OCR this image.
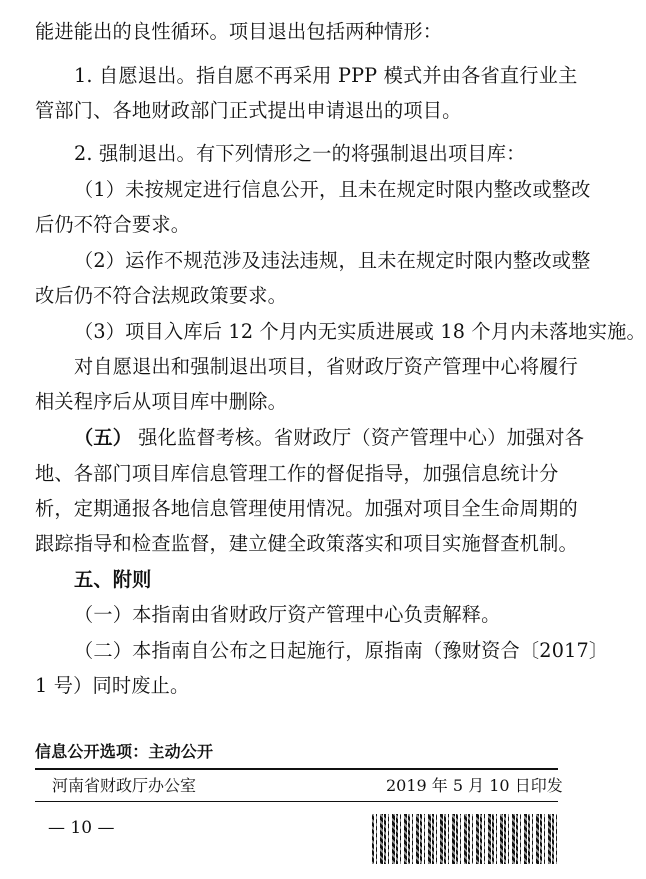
能进能出的良性循环。项目退出包括两种情形：
1. 自愿退出。指自愿不再采用 PPP 模式并由各省直行业主
管部门、各地财政部门正式提出申请退出的项目。
2. 强制退出。有下列情形之一的将强制退出项目库：
（1）未按规定进行信息公开，且未在规定时限内整改或整改
后仍不符合要求。
（2）运作不规范涉及违法违规，且未在规定时限内整改或整
改后仍不符合法规政策要求。
（3）项目入库后 12 个月内无实质进展或 18 个月内未落地实施。
对自愿退出和强制退出项目，省财政厅资产管理中心将履行
相关程序后从项目库中删除。
（五） 强化监督考核。省财政厅（资产管理中心）加强对各
地、各部门项目库信息管理工作的督促指导，加强信息统计分
析，定期通报各地信息管理使用情况。加强对项目全生命周期的
跟踪指导和检查监督，建立健全政策落实和项目实施督查机制。
五、附则
（一）本指南由省财政厅资产管理中心负责解释。
（二）本指南自公布之日起施行，原指南（豫财资合〔2017〕
1 号）同时废止。
信息公开选项：主动公开
河南省财政厅办公室	2019 年 5 月 10 日印发
— 10 —
